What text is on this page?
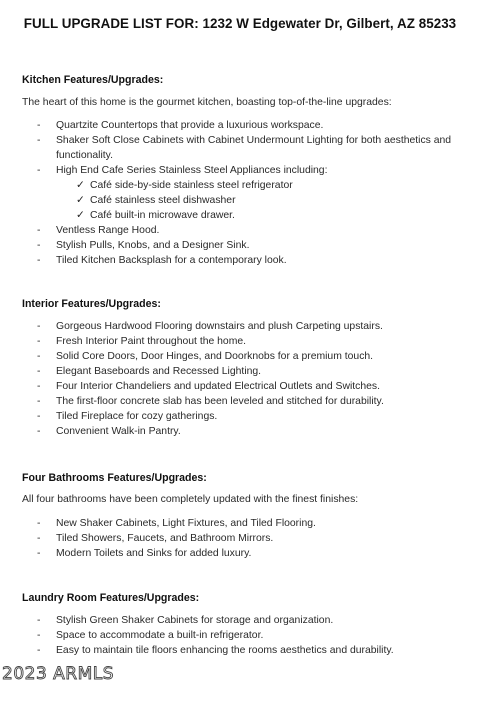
FULL UPGRADE LIST FOR: 1232 W Edgewater Dr, Gilbert, AZ 85233
Kitchen Features/Upgrades:
The heart of this home is the gourmet kitchen, boasting top-of-the-line upgrades:
- Quartzite Countertops that provide a luxurious workspace.
- Shaker Soft Close Cabinets with Cabinet Undermount Lighting for both aesthetics and functionality.
- High End Cafe Series Stainless Steel Appliances including:
✓ Café side-by-side stainless steel refrigerator
✓ Café stainless steel dishwasher
✓ Café built-in microwave drawer.
- Ventless Range Hood.
- Stylish Pulls, Knobs, and a Designer Sink.
- Tiled Kitchen Backsplash for a contemporary look.
Interior Features/Upgrades:
- Gorgeous Hardwood Flooring downstairs and plush Carpeting upstairs.
- Fresh Interior Paint throughout the home.
- Solid Core Doors, Door Hinges, and Doorknobs for a premium touch.
- Elegant Baseboards and Recessed Lighting.
- Four Interior Chandeliers and updated Electrical Outlets and Switches.
- The first-floor concrete slab has been leveled and stitched for durability.
- Tiled Fireplace for cozy gatherings.
- Convenient Walk-in Pantry.
Four Bathrooms Features/Upgrades:
All four bathrooms have been completely updated with the finest finishes:
- New Shaker Cabinets, Light Fixtures, and Tiled Flooring.
- Tiled Showers, Faucets, and Bathroom Mirrors.
- Modern Toilets and Sinks for added luxury.
Laundry Room Features/Upgrades:
- Stylish Green Shaker Cabinets for storage and organization.
- Space to accommodate a built-in refrigerator.
- Easy to maintain tile floors enhancing the rooms aesthetics and durability.
2023 ARMLS
